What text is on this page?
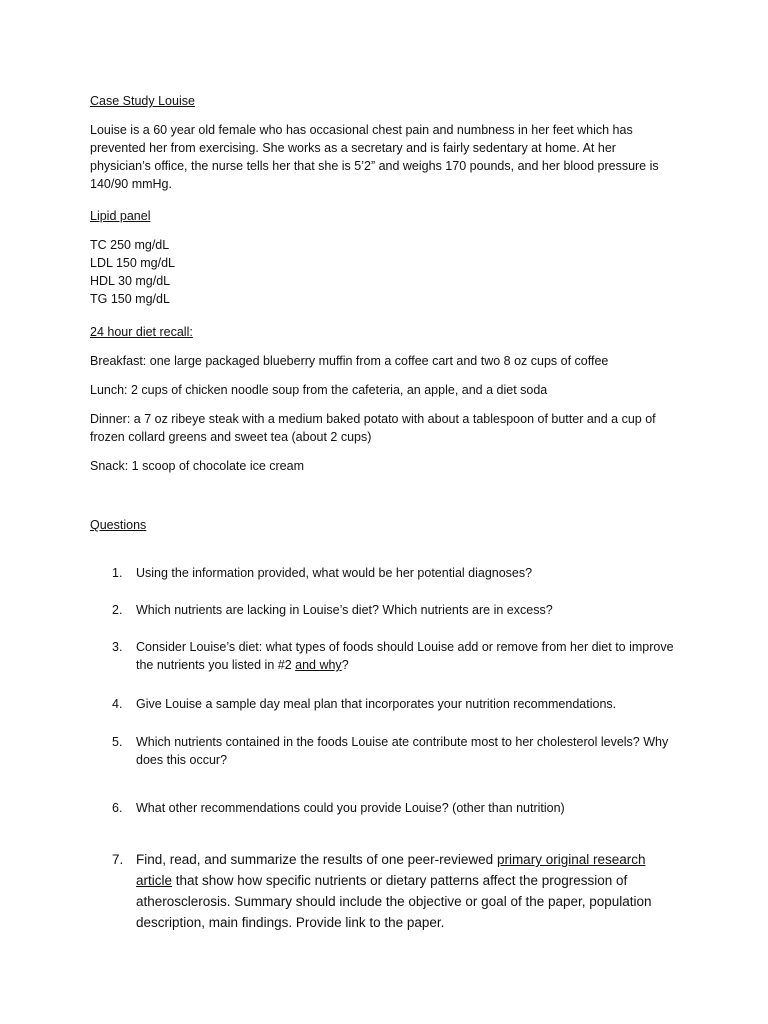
Case Study Louise

Louise is a 60 year old female who has occasional chest pain and numbness in her feet which has prevented her from exercising. She works as a secretary and is fairly sedentary at home. At her physician’s office, the nurse tells her that she is 5’2” and weighs 170 pounds, and her blood pressure is 140/90 mmHg.

Lipid panel

TC 250 mg/dL
LDL 150 mg/dL
HDL 30 mg/dL
TG 150 mg/dL

24 hour diet recall:

Breakfast: one large packaged blueberry muffin from a coffee cart and two 8 oz cups of coffee

Lunch: 2 cups of chicken noodle soup from the cafeteria, an apple, and a diet soda

Dinner: a 7 oz ribeye steak with a medium baked potato with about a tablespoon of butter and a cup of frozen collard greens and sweet tea (about 2 cups)

Snack: 1 scoop of chocolate ice cream

Questions

1.	Using the information provided, what would be her potential diagnoses?
2.	Which nutrients are lacking in Louise’s diet? Which nutrients are in excess?
3.	Consider Louise’s diet: what types of foods should Louise add or remove from her diet to improve the nutrients you listed in #2 and why?
4.	Give Louise a sample day meal plan that incorporates your nutrition recommendations.
5.	Which nutrients contained in the foods Louise ate contribute most to her cholesterol levels? Why does this occur?
6.	What other recommendations could you provide Louise? (other than nutrition)
7. Find, read, and summarize the results of one peer-reviewed primary original research article that show how specific nutrients or dietary patterns affect the progression of atherosclerosis. Summary should include the objective or goal of the paper, population description, main findings. Provide link to the paper.
